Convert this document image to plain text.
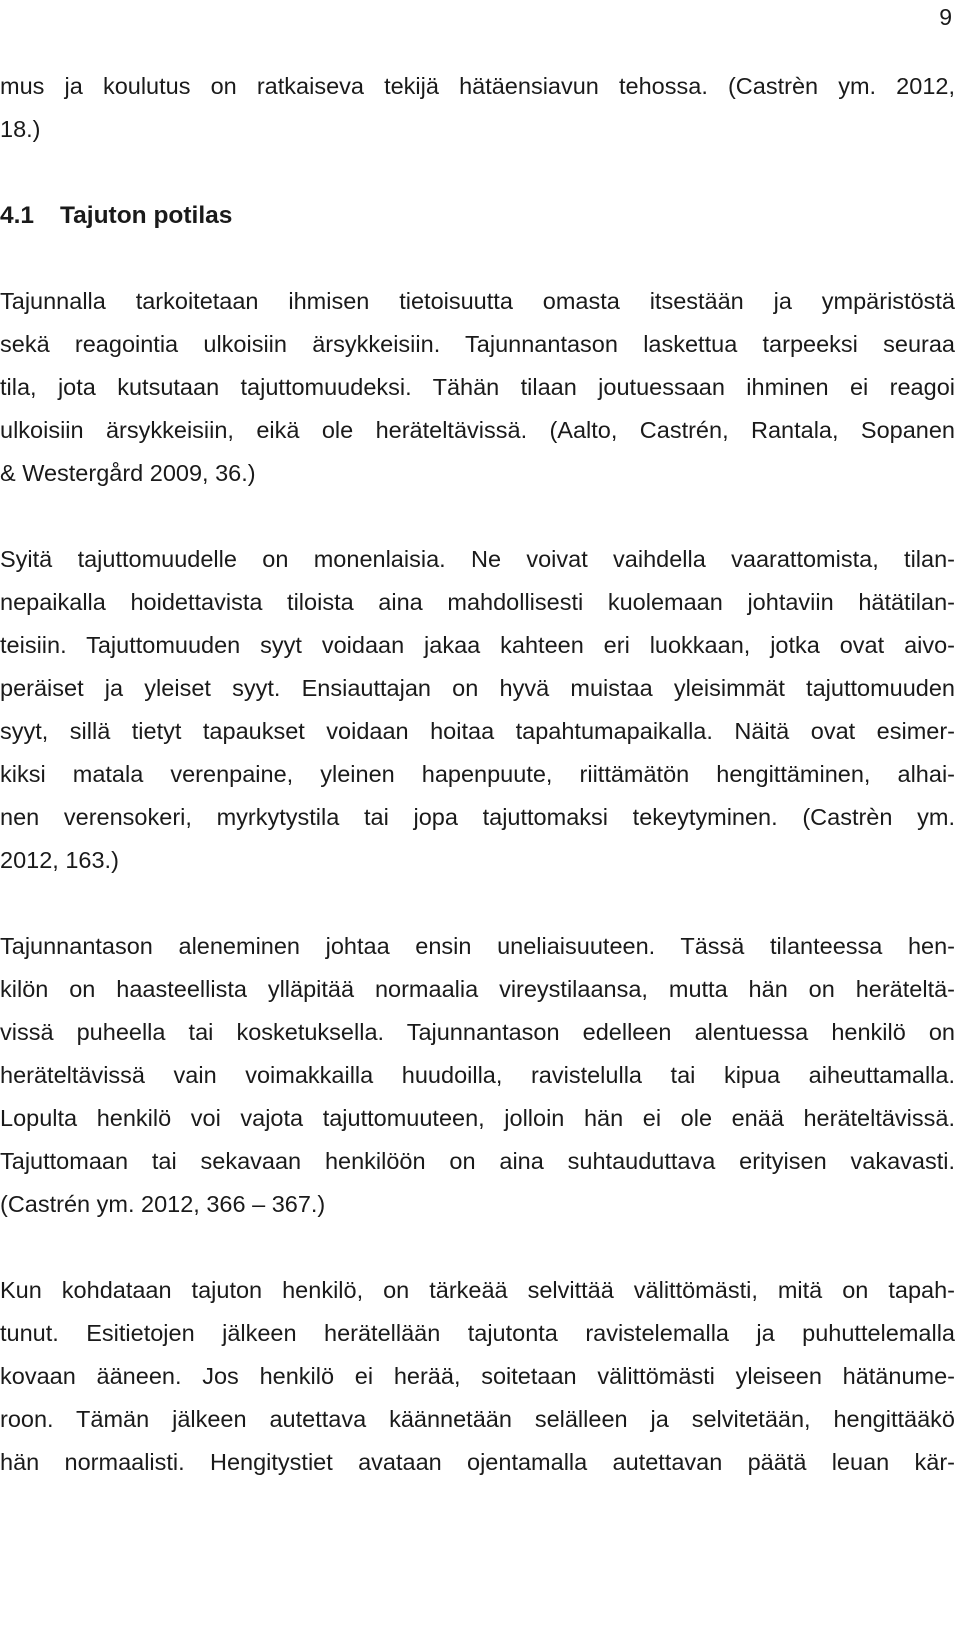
9
mus ja koulutus on ratkaiseva tekijä hätäensiavun tehossa. (Castrèn ym. 2012,
18.)
4.1 Tajuton potilas
Tajunnalla tarkoitetaan ihmisen tietoisuutta omasta itsestään ja ympäristöstä
sekä reagointia ulkoisiin ärsykkeisiin. Tajunnantason laskettua tarpeeksi seuraa
tila, jota kutsutaan tajuttomuudeksi. Tähän tilaan joutuessaan ihminen ei reagoi
ulkoisiin ärsykkeisiin, eikä ole heräteltävissä. (Aalto, Castrén, Rantala, Sopanen
& Westergård 2009, 36.)
Syitä tajuttomuudelle on monenlaisia. Ne voivat vaihdella vaarattomista, tilan-
nepaikalla hoidettavista tiloista aina mahdollisesti kuolemaan johtaviin hätätilan-
teisiin. Tajuttomuuden syyt voidaan jakaa kahteen eri luokkaan, jotka ovat aivo-
peräiset ja yleiset syyt. Ensiauttajan on hyvä muistaa yleisimmät tajuttomuuden
syyt, sillä tietyt tapaukset voidaan hoitaa tapahtumapaikalla. Näitä ovat esimer-
kiksi matala verenpaine, yleinen hapenpuute, riittämätön hengittäminen, alhai-
nen verensokeri, myrkytystila tai jopa tajuttomaksi tekeytyminen. (Castrèn ym.
2012, 163.)
Tajunnantason aleneminen johtaa ensin uneliaisuuteen. Tässä tilanteessa hen-
kilön on haasteellista ylläpitää normaalia vireystilaansa, mutta hän on heräteltä-
vissä puheella tai kosketuksella. Tajunnantason edelleen alentuessa henkilö on
heräteltävissä vain voimakkailla huudoilla, ravistelulla tai kipua aiheuttamalla.
Lopulta henkilö voi vajota tajuttomuuteen, jolloin hän ei ole enää heräteltävissä.
Tajuttomaan tai sekavaan henkilöön on aina suhtauduttava erityisen vakavasti.
(Castrén ym. 2012, 366 – 367.)
Kun kohdataan tajuton henkilö, on tärkeää selvittää välittömästi, mitä on tapah-
tunut. Esitietojen jälkeen herätellään tajutonta ravistelemalla ja puhuttelemalla
kovaan ääneen. Jos henkilö ei herää, soitetaan välittömästi yleiseen hätänume-
roon. Tämän jälkeen autettava käännetään selälleen ja selvitetään, hengittääkö
hän normaalisti. Hengitystiet avataan ojentamalla autettavan päätä leuan kär-
